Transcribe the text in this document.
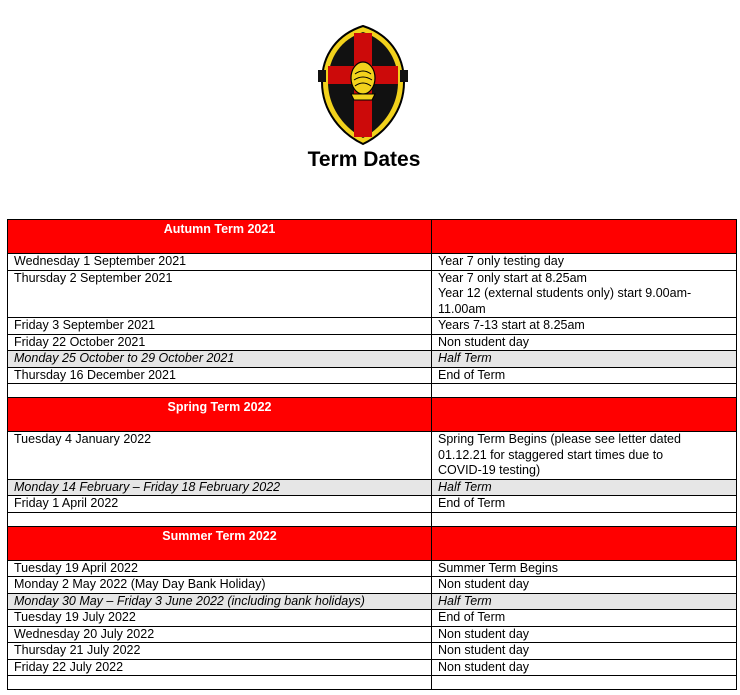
Term Dates
Autumn Term 2021	
Wednesday 1 September 2021	Year 7 only testing day

Thursday 2 September 2021	Year 7 only start at 8.25am
Year 12 (external students only) start 9.00am-
11.00am

Friday 3 September 2021	Years 7-13 start at 8.25am

Friday 22 October 2021	Non student day

Monday 25 October to 29 October 2021	Half Term

Thursday 16 December 2021	End of Term

Spring Term 2022	
Tuesday 4 January 2022	Spring Term Begins (please see letter dated
01.12.21 for staggered start times due to
COVID-19 testing)

Monday 14 February – Friday 18 February 2022	Half Term

Friday 1 April 2022	End of Term

Summer Term 2022	
Tuesday 19 April 2022	Summer Term Begins

Monday 2 May 2022 (May Day Bank Holiday)	Non student day

Monday 30 May – Friday 3 June 2022 (including bank holidays)	Half Term

Tuesday 19 July 2022	End of Term

Wednesday 20 July 2022	Non student day

Thursday 21 July 2022	Non student day

Friday 22 July 2022	Non student day
